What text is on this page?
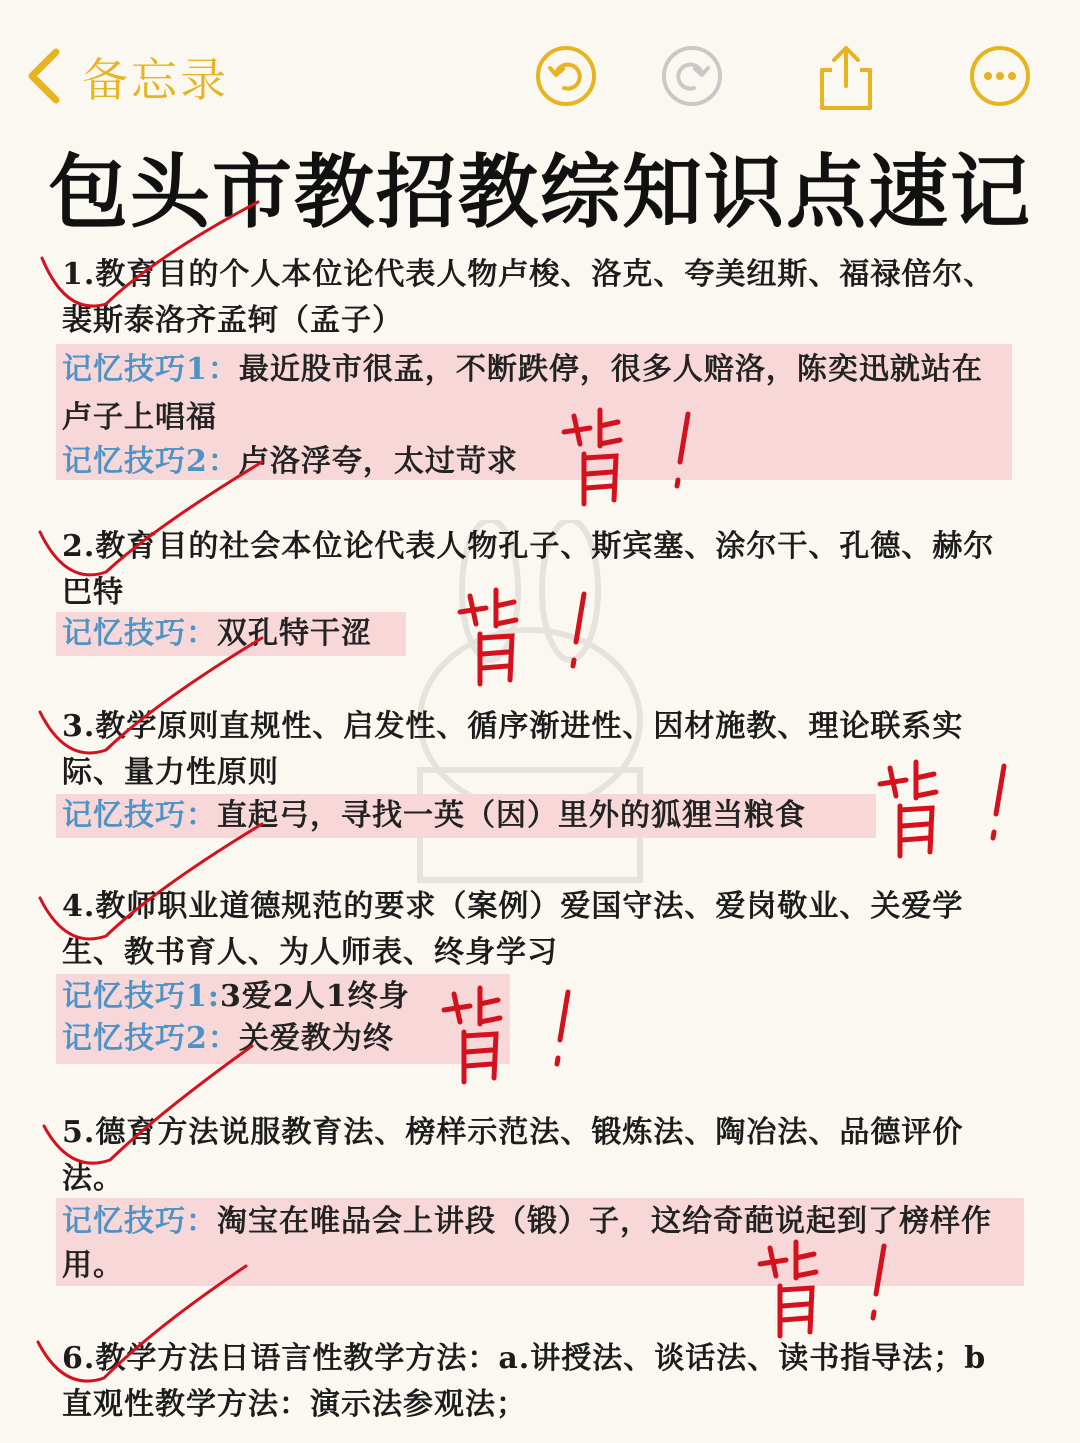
备忘录
包头市教招教综知识点速记
1.教育目的个人本位论代表人物卢梭、洛克、夸美纽斯、福禄倍尔、裴斯泰洛齐孟轲（孟子）
记忆技巧1：最近股市很孟，不断跌停，很多人赔洛，陈奕迅就站在卢子上唱福
记忆技巧2：卢洛浮夸，太过苛求
2.教育目的社会本位论代表人物孔子、斯宾塞、涂尔干、孔德、赫尔巴特
记忆技巧：双孔特干涩
3.教学原则直规性、启发性、循序渐进性、因材施教、理论联系实际、量力性原则
记忆技巧：直起弓，寻找一英（因）里外的狐狸当粮食
4.教师职业道德规范的要求（案例）爱国守法、爱岗敬业、关爱学生、教书育人、为人师表、终身学习
记忆技巧1:3爱2人1终身
记忆技巧2：关爱教为终
5.德育方法说服教育法、榜样示范法、锻炼法、陶冶法、品德评价法。
记忆技巧：淘宝在唯品会上讲段（锻）子，这给奇葩说起到了榜样作用。
6.教学方法日语言性教学方法：a.讲授法、谈话法、读书指导法；b直观性教学方法：演示法参观法；
